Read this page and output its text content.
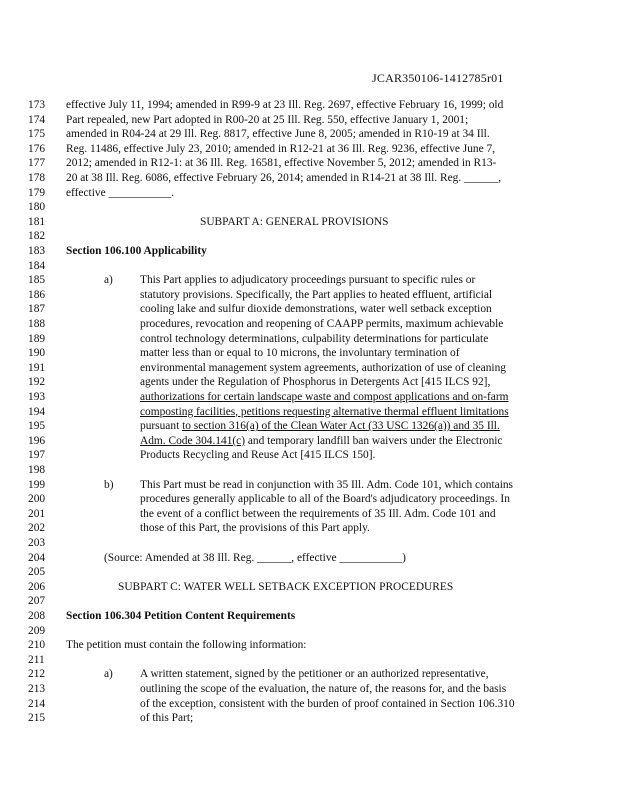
JCAR350106-1412785r01
173	effective July 11, 1994; amended in R99-9 at 23 Ill. Reg. 2697, effective February 16, 1999; old
174	Part repealed, new Part adopted in R00-20 at 25 Ill. Reg. 550, effective January 1, 2001;
175	amended in R04-24 at 29 Ill. Reg. 8817, effective June 8, 2005; amended in R10-19 at 34 Ill.
176	Reg. 11486, effective July 23, 2010; amended in R12-21 at 36 Ill. Reg. 9236, effective June 7,
177	2012; amended in R12-1: at 36 Ill. Reg. 16581, effective November 5, 2012; amended in R13-
178	20 at 38 Ill. Reg. 6086, effective February 26, 2014; amended in R14-21 at 38 Ill. Reg. ______,
179	effective ___________.
180
181	SUBPART A: GENERAL PROVISIONS
182
183	Section 106.100 Applicability
184
185	a) This Part applies to adjudicatory proceedings pursuant to specific rules or
186	statutory provisions. Specifically, the Part applies to heated effluent, artificial
187	cooling lake and sulfur dioxide demonstrations, water well setback exception
188	procedures, revocation and reopening of CAAPP permits, maximum achievable
189	control technology determinations, culpability determinations for particulate
190	matter less than or equal to 10 microns, the involuntary termination of
191	environmental management system agreements, authorization of use of cleaning
192	agents under the Regulation of Phosphorus in Detergents Act [415 ILCS 92],
193	authorizations for certain landscape waste and compost applications and on-farm
194	composting facilities, petitions requesting alternative thermal effluent limitations
195	pursuant to section 316(a) of the Clean Water Act (33 USC 1326(a)) and 35 Ill.
196	Adm. Code 304.141(c) and temporary landfill ban waivers under the Electronic
197	Products Recycling and Reuse Act [415 ILCS 150].
198
199	b) This Part must be read in conjunction with 35 Ill. Adm. Code 101, which contains
200	procedures generally applicable to all of the Board's adjudicatory proceedings. In
201	the event of a conflict between the requirements of 35 Ill. Adm. Code 101 and
202	those of this Part, the provisions of this Part apply.
203
204	(Source: Amended at 38 Ill. Reg. ______, effective ___________)
205
206	SUBPART C: WATER WELL SETBACK EXCEPTION PROCEDURES
207
208	Section 106.304 Petition Content Requirements
209
210	The petition must contain the following information:
211
212	a) A written statement, signed by the petitioner or an authorized representative,
213	outlining the scope of the evaluation, the nature of, the reasons for, and the basis
214	of the exception, consistent with the burden of proof contained in Section 106.310
215	of this Part;
